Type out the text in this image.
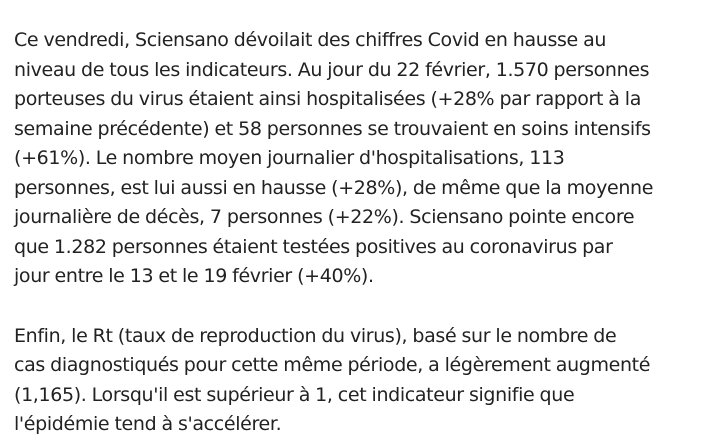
Ce vendredi, Sciensano dévoilait des chiffres Covid en hausse au
niveau de tous les indicateurs. Au jour du 22 février, 1.570 personnes
porteuses du virus étaient ainsi hospitalisées (+28% par rapport à la
semaine précédente) et 58 personnes se trouvaient en soins intensifs
(+61%). Le nombre moyen journalier d'hospitalisations, 113
personnes, est lui aussi en hausse (+28%), de même que la moyenne
journalière de décès, 7 personnes (+22%). Sciensano pointe encore
que 1.282 personnes étaient testées positives au coronavirus par
jour entre le 13 et le 19 février (+40%).

Enfin, le Rt (taux de reproduction du virus), basé sur le nombre de
cas diagnostiqués pour cette même période, a légèrement augmenté
(1,165). Lorsqu'il est supérieur à 1, cet indicateur signifie que
l'épidémie tend à s'accélérer.
